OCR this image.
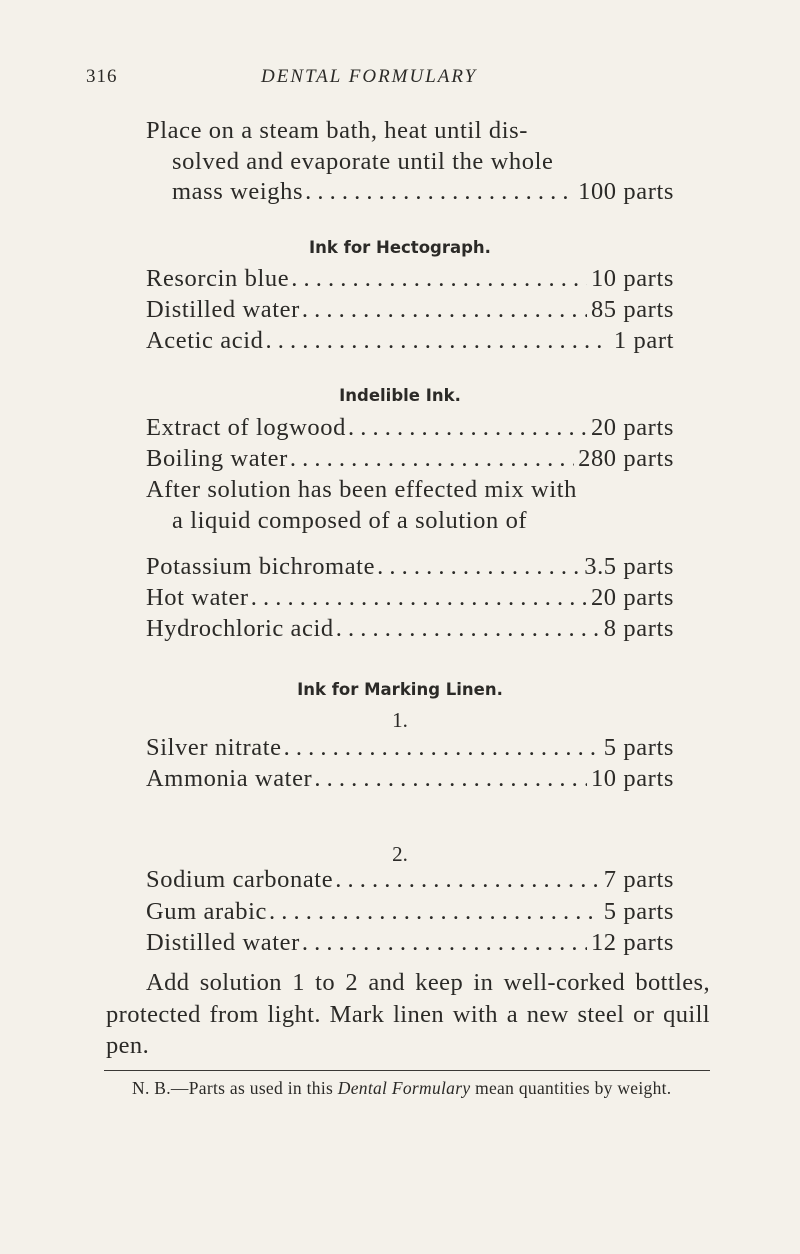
316	DENTAL FORMULARY
Place on a steam bath, heat until dis-
solved and evaporate until the whole
mass weighs . . .	100 parts
Ink for Hectograph.
Resorcin blue . . .	10 parts
Distilled water . . .	85 parts
Acetic acid . . .	1 part
Indelible Ink.
Extract of logwood . . .	20 parts
Boiling water . . .	280 parts
After solution has been effected mix with
a liquid composed of a solution of
Potassium bichromate . . .	3.5 parts
Hot water . . .	20 parts
Hydrochloric acid . . .	8 parts
Ink for Marking Linen.
1.
Silver nitrate . . .	5 parts
Ammonia water . . .	10 parts
2.
Sodium carbonate . . .	7 parts
Gum arabic . . .	5 parts
Distilled water . . .	12 parts
Add solution 1 to 2 and keep in well-corked bottles, protected from light. Mark linen with a new steel or quill pen.
N. B.—Parts as used in this Dental Formulary mean quantities by weight.
